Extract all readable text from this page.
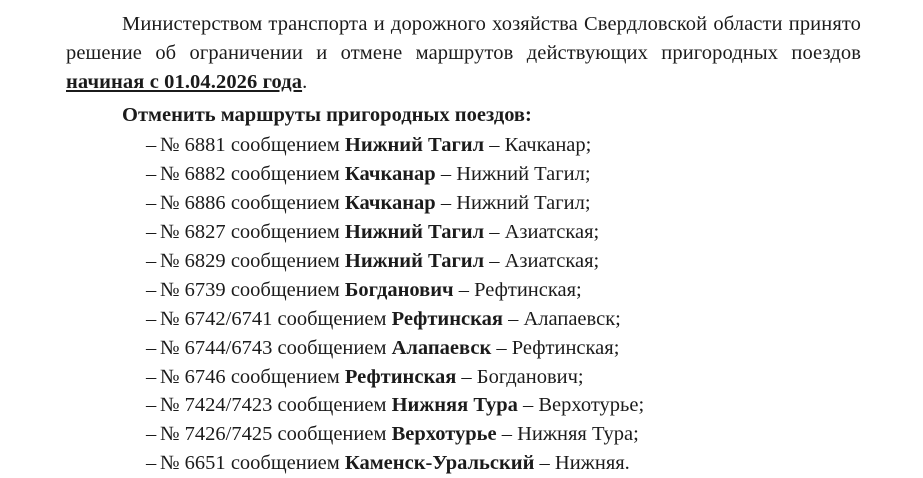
Министерством транспорта и дорожного хозяйства Свердловской области принято решение об ограничении и отмене маршрутов действующих пригородных поездов начиная с 01.04.2026 года.

Отменить маршруты пригородных поездов:

– № 6881 сообщением Нижний Тагил – Качканар;
– № 6882 сообщением Качканар – Нижний Тагил;
– № 6886 сообщением Качканар – Нижний Тагил;
– № 6827 сообщением Нижний Тагил – Азиатская;
– № 6829 сообщением Нижний Тагил – Азиатская;
– № 6739 сообщением Богданович – Рефтинская;
– № 6742/6741 сообщением Рефтинская – Алапаевск;
– № 6744/6743 сообщением Алапаевск – Рефтинская;
– № 6746 сообщением Рефтинская – Богданович;
– № 7424/7423 сообщением Нижняя Тура – Верхотурье;
– № 7426/7425 сообщением Верхотурье – Нижняя Тура;
– № 6651 сообщением Каменск-Уральский – Нижняя.
